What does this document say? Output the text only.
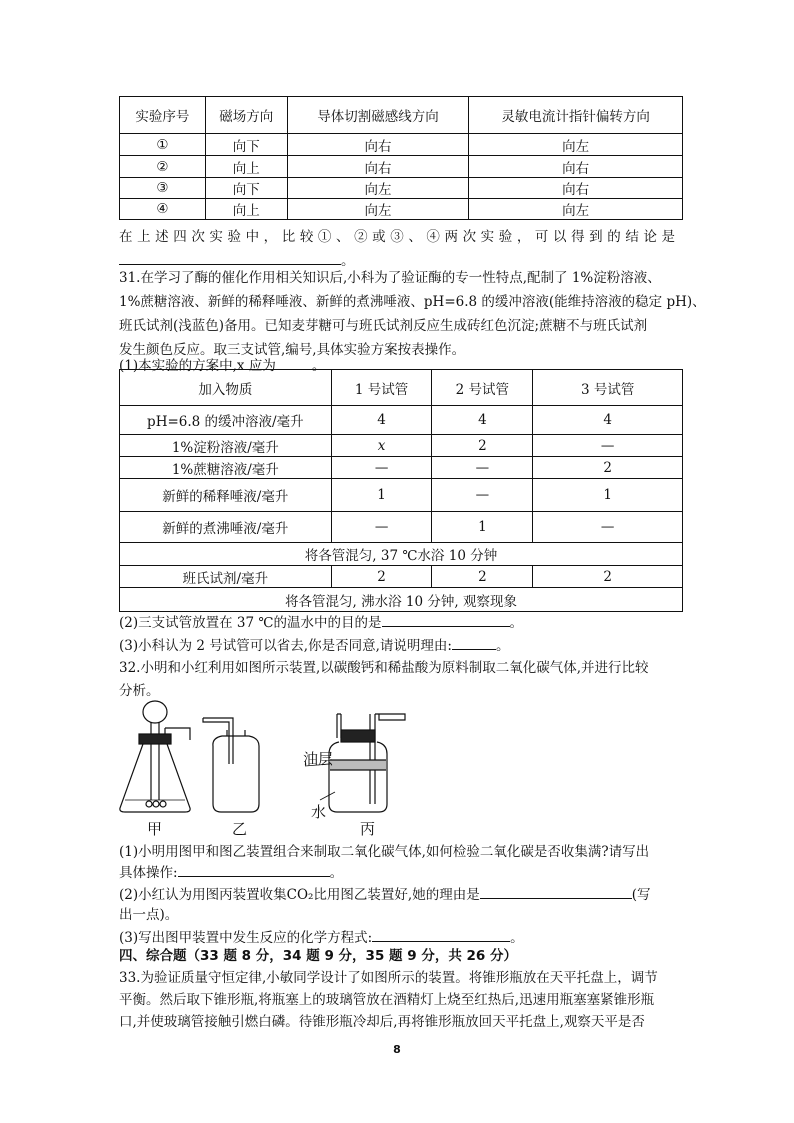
实验序号	磁场方向	导体切割磁感线方向	灵敏电流计指针偏转方向
①	向下	向右	向左
②	向上	向右	向右
③	向下	向左	向右
④	向上	向左	向左
在上述四次实验中，比较①、②或③、④两次实验，可以得到的结论是
。
31.在学习了酶的催化作用相关知识后,小科为了验证酶的专一性特点,配制了 1%淀粉溶液、
1%蔗糖溶液、新鲜的稀释唾液、新鲜的煮沸唾液、pH=6.8 的缓冲溶液(能维持溶液的稳定 pH)、
班氏试剂(浅蓝色)备用。已知麦芽糖可与班氏试剂反应生成砖红色沉淀;蔗糖不与班氏试剂
发生颜色反应。取三支试管,编号,具体实验方案按表操作。
(1)本实验的方案中,x 应为	。
加入物质	1 号试管	2 号试管	3 号试管
pH=6.8 的缓冲溶液/毫升	4	4	4
1%淀粉溶液/毫升	x	2	—
1%蔗糖溶液/毫升	—	—	2
新鲜的稀释唾液/毫升	1	—	1
新鲜的煮沸唾液/毫升	—	1	—
将各管混匀, 37 ℃水浴 10 分钟			
班氏试剂/毫升	2	2	2
将各管混匀, 沸水浴 10 分钟, 观察现象			
(2)三支试管放置在 37 ℃的温水中的目的是	。
(3)小科认为 2 号试管可以省去,你是否同意,请说明理由:	。
32.小明和小红利用如图所示装置,以碳酸钙和稀盐酸为原料制取二氧化碳气体,并进行比较
分析。
油层
水
甲	乙	丙
(1)小明用图甲和图乙装置组合来制取二氧化碳气体,如何检验二氧化碳是否收集满?请写出
具体操作:	。
(2)小红认为用图丙装置收集CO₂比用图乙装置好,她的理由是	(写
出一点)。
(3)写出图甲装置中发生反应的化学方程式:	。
四、综合题（33 题 8 分，34 题 9 分，35 题 9 分，共 26 分）
33.为验证质量守恒定律,小敏同学设计了如图所示的装置。将锥形瓶放在天平托盘上，调节
平衡。然后取下锥形瓶,将瓶塞上的玻璃管放在酒精灯上烧至红热后,迅速用瓶塞塞紧锥形瓶
口,并使玻璃管接触引燃白磷。待锥形瓶冷却后,再将锥形瓶放回天平托盘上,观察天平是否
8
